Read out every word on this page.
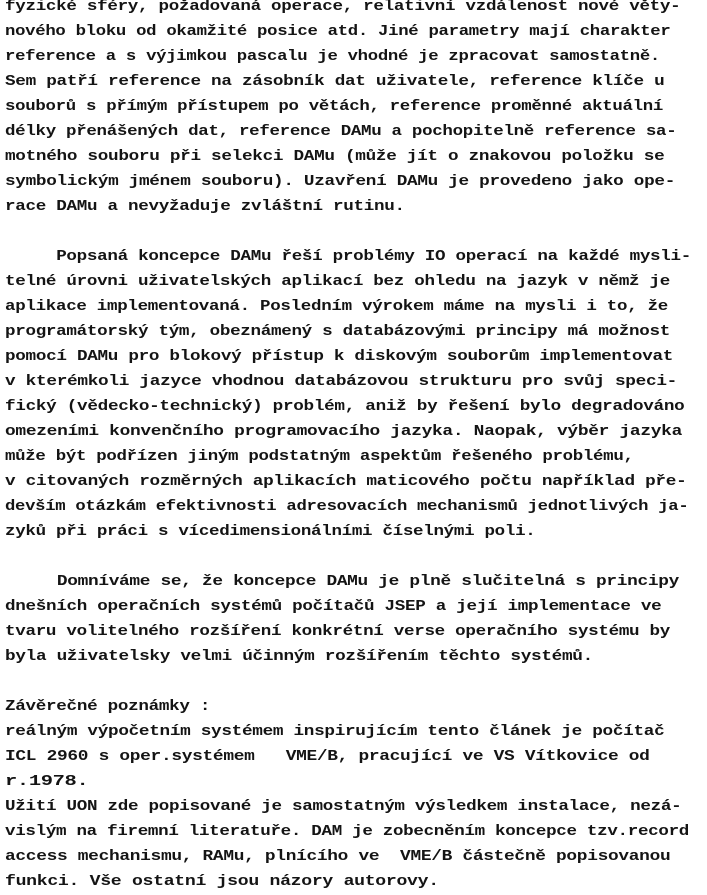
fyzické sféry, požadovaná operace, relativní vzdálenost nové věty-
nového bloku od okamžité posice atd. Jiné parametry mají charakter
reference a s výjimkou pascalu je vhodné je zpracovat samostatně.
Sem patří reference na zásobník dat uživatele, reference klíče u
souborů s přímým přístupem po větách, reference proměnné aktuální
délky přenášených dat, reference DAMu a pochopitelně reference sa-
motného souboru při selekci DAMu (může jít o znakovou položku se
symbolickým jménem souboru). Uzavření DAMu je provedeno jako ope-
race DAMu a nevyžaduje zvláštní rutinu.
Popsaná koncepce DAMu řeší problémy IO operací na každé mysli-
telné úrovni uživatelských aplikací bez ohledu na jazyk v němž je
aplikace implementovaná. Posledním výrokem máme na mysli i to, že
programátorský tým, obeznámený s databázovými principy má možnost
pomocí DAMu pro blokový přístup k diskovým souborům implementovat
v kterémkoli jazyce vhodnou databázovou strukturu pro svůj speci-
fický (vědecko-technický) problém, aniž by řešení bylo degradováno
omezeními konvenčního programovacího jazyka. Naopak, výběr jazyka
může být podřízen jiným podstatným aspektům řešeného problému,
v citovaných rozměrných aplikacích maticového počtu například pře-
devším otázkám efektivnosti adresovacích mechanismů jednotlivých ja-
zyků při práci s vícedimensionálními číselnými poli.
Domníváme se, že koncepce DAMu je plně slučitelná s principy
dnešních operačních systémů počítačů JSEP a její implementace ve
tvaru volitelného rozšíření konkrétní verse operačního systému by
byla uživatelsky velmi účinným rozšířením těchto systémů.
Závěrečné poznámky :
reálným výpočetním systémem inspirujícím tento článek je počítač
ICL 2960 s oper.systémem   VME/B, pracující ve VS Vítkovice od
r.1978.
Užití UON zde popisované je samostatným výsledkem instalace, nezá-
vislým na firemní literatuře. DAM je zobecněním koncepce tzv.record
access mechanismu, RAMu, plnícího ve  VME/B částečně popisovanou
funkci. Vše ostatní jsou názory autorovy.
